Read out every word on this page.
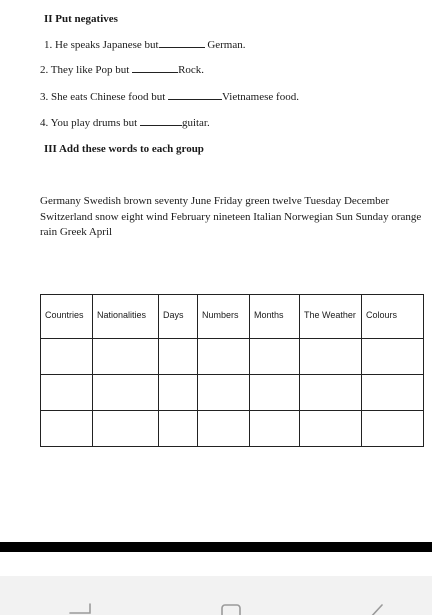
II Put negatives
1. He speaks Japanese but	German.
2. They like Pop but	Rock.
3. She eats Chinese food but	Vietnamese food.
4. You play drums but	guitar.
III Add these words to each group

Germany Swedish brown seventy June Friday green twelve Tuesday December Switzerland snow eight wind February nineteen Italian Norwegian Sun Sunday orange rain Greek April

Countries	Nationalities	Days	Numbers	Months	The Weather	Colours
